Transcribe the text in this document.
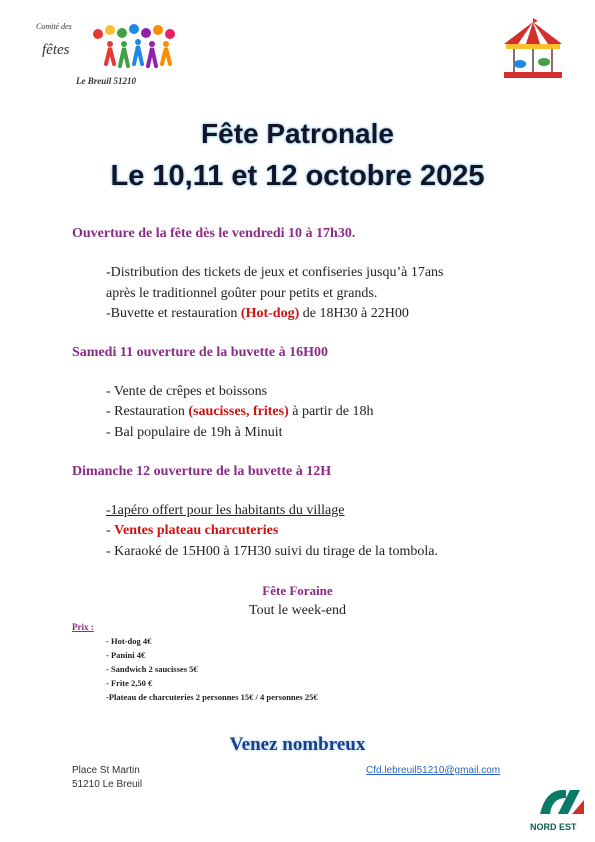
Comité des
fêtes
Le Breuil 51210
Fête Patronale
Le 10,11 et 12 octobre 2025
Ouverture de la fête dès le vendredi 10 à 17h30.
-Distribution des tickets de jeux et confiseries jusqu’à 17ans
après le traditionnel goûter pour petits et grands.
-Buvette et restauration (Hot-dog) de 18H30 à 22H00
Samedi 11 ouverture de la buvette à 16H00
- Vente de crêpes et boissons
- Restauration (saucisses, frites) à partir de 18h
- Bal populaire de 19h à Minuit
Dimanche 12 ouverture de la buvette à 12H
-1apéro offert pour les habitants du village
- Ventes plateau charcuteries
- Karaoké de 15H00 à 17H30 suivi du tirage de la tombola.
Fête Foraine
Tout le week-end
Prix :
- Hot-dog 4€
- Panini 4€
- Sandwich 2 saucisses 5€
- Frite 2,50 €
-Plateau de charcuteries 2 personnes 15€ / 4 personnes 25€
Venez nombreux
Place St Martin
51210 Le Breuil
Cfd.lebreuil51210@gmail.com
NORD EST
